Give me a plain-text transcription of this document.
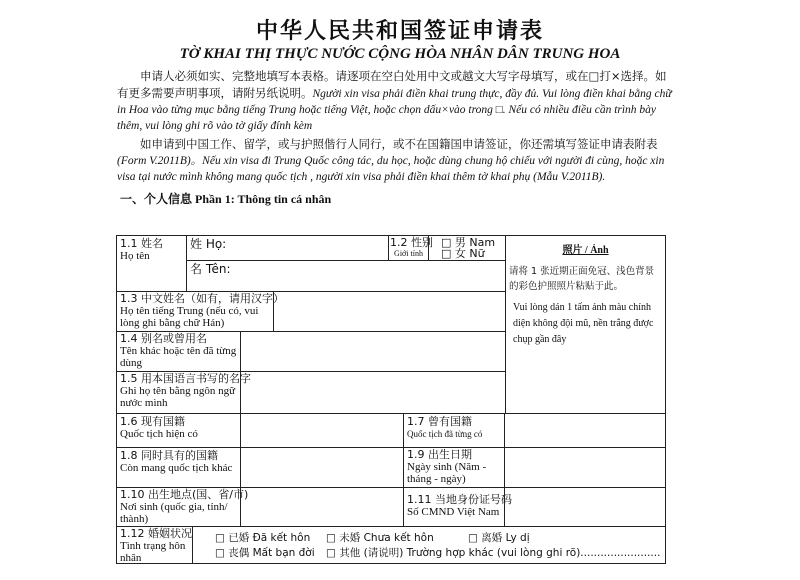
中华人民共和国签证申请表
TỜ KHAI THỊ THỰC NƯỚC CỘNG HÒA NHÂN DÂN TRUNG HOA

  申请人必须如实、完整地填写本表格。请逐项在空白处用中文或越文大写字母填写，或在□打×选择。如有更多需要声明事项，请附另纸说明。Người xin visa phải điền khai trung thực, đầy đủ. Vui lòng điền khai bằng chữ in Hoa vào từng mục bằng tiếng Trung hoặc tiếng Việt, hoặc chọn dấu×vào trong □. Nếu có nhiều điều cần trình bày thêm, vui lòng ghi rõ vào tờ giấy đính kèm

  如申请到中国工作、留学，或与护照偕行人同行，或不在国籍国申请签证，你还需填写签证申请表附表(Form V.2011B)。Nếu xin visa đi Trung Quốc công tác, du học, hoặc dùng chung hộ chiếu với người đi cùng, hoặc xin visa tại nước mình không mang quốc tịch , người xin visa phải điền khai thêm tờ khai phụ (Mẫu V.2011B).

一、个人信息 Phần 1: Thông tin cá nhân
1.1 姓名
Họ tên
姓 Họ:	1.2 性别
Giới tính
□ 男 Nam
□ 女 Nữ
名 Tên:
照片 / Ảnh
请将 1 张近期正面免冠、浅色背景的彩色护照照片粘贴于此。
Vui lòng dán 1 tấm ảnh màu chính diện không đội mũ, nền trắng được chụp gần đây
1.3 中文姓名（如有，请用汉字）
Họ tên tiếng Trung (nếu có, vui lòng ghi bằng chữ Hán)
1.4 别名或曾用名
Tên khác hoặc tên đã từng dùng
1.5 用本国语言书写的名字
Ghi họ tên bằng ngôn ngữ nước mình
1.6 现有国籍
Quốc tịch hiện có
1.7 曾有国籍
Quốc tịch đã từng có
1.8 同时具有的国籍
Còn mang quốc tịch khác
1.9 出生日期
Ngày sinh (Năm - tháng - ngày)
1.10 出生地点(国、省/市)
Nơi sinh (quốc gia, tỉnh/ thành)
1.11 当地身份证号码
Số CMND Việt Nam
1.12 婚姻状况
Tình trạng hôn nhân
□ 已婚 Đã kết hôn □ 未婚 Chưa kết hôn	□ 离婚 Ly dị
□ 丧偶 Mất bạn đời □ 其他 (请说明) Trường hợp khác (vui lòng ghi rõ)........................
